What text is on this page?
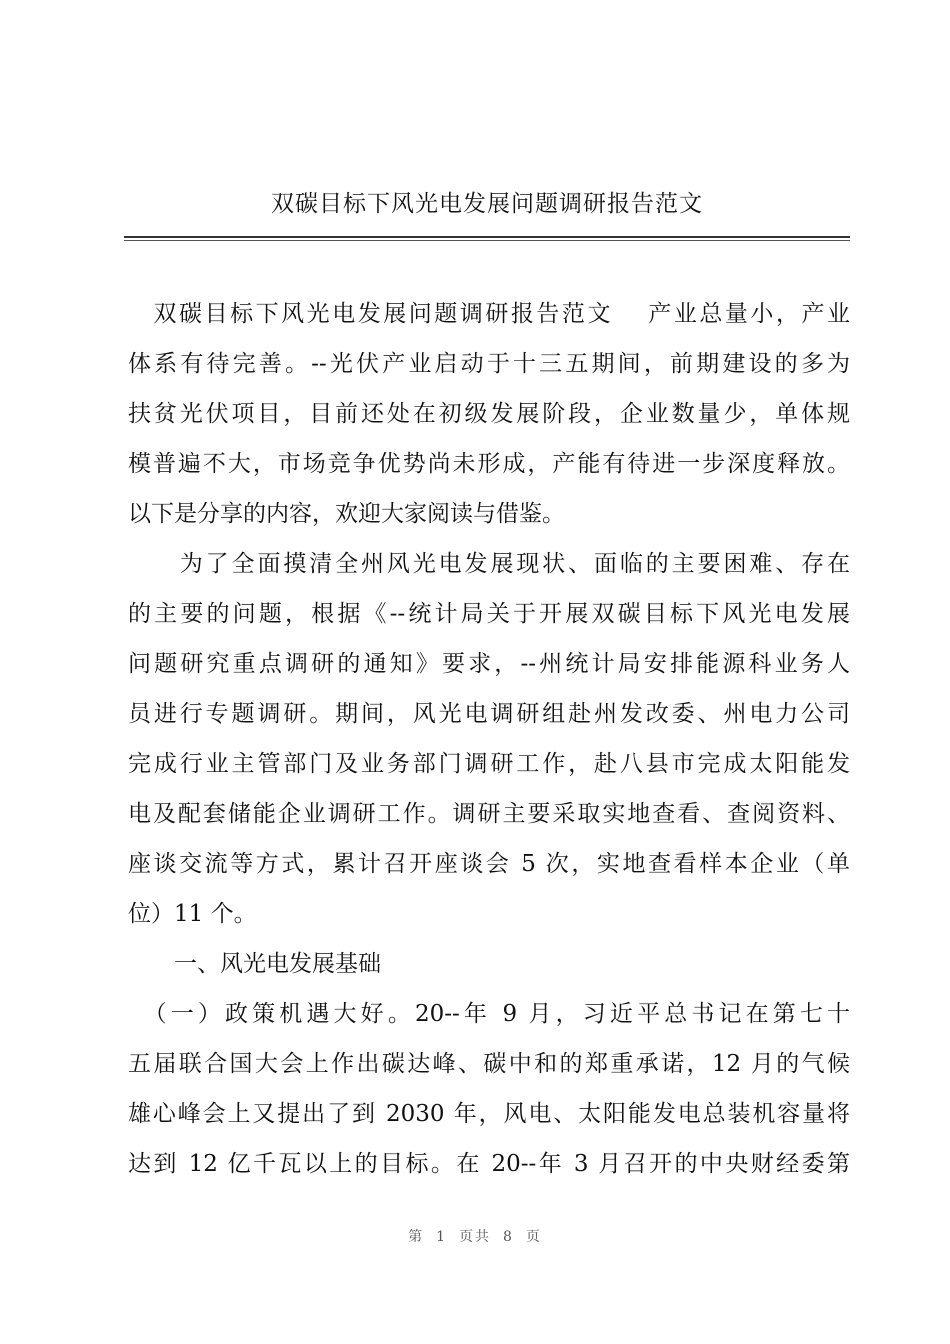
双碳目标下风光电发展问题调研报告范文
　双碳目标下风光电发展问题调研报告范文　 产业总量小，产业
体系有待完善。--光伏产业启动于十三五期间，前期建设的多为
扶贫光伏项目，目前还处在初级发展阶段，企业数量少，单体规
模普遍不大，市场竞争优势尚未形成，产能有待进一步深度释放。
以下是分享的内容，欢迎大家阅读与借鉴。
　　为了全面摸清全州风光电发展现状、面临的主要困难、存在
的主要的问题，根据《--统计局关于开展双碳目标下风光电发展
问题研究重点调研的通知》要求，--州统计局安排能源科业务人
员进行专题调研。期间，风光电调研组赴州发改委、州电力公司
完成行业主管部门及业务部门调研工作，赴八县市完成太阳能发
电及配套储能企业调研工作。调研主要采取实地查看、查阅资料、
座谈交流等方式，累计召开座谈会 5 次，实地查看样本企业（单
位）11 个。
　　一、风光电发展基础
　（一）政策机遇大好。20--年 9 月，习近平总书记在第七十
五届联合国大会上作出碳达峰、碳中和的郑重承诺，12 月的气候
雄心峰会上又提出了到 2030 年，风电、太阳能发电总装机容量将
达到 12 亿千瓦以上的目标。在 20--年 3 月召开的中央财经委第
第 1 页共 8 页
